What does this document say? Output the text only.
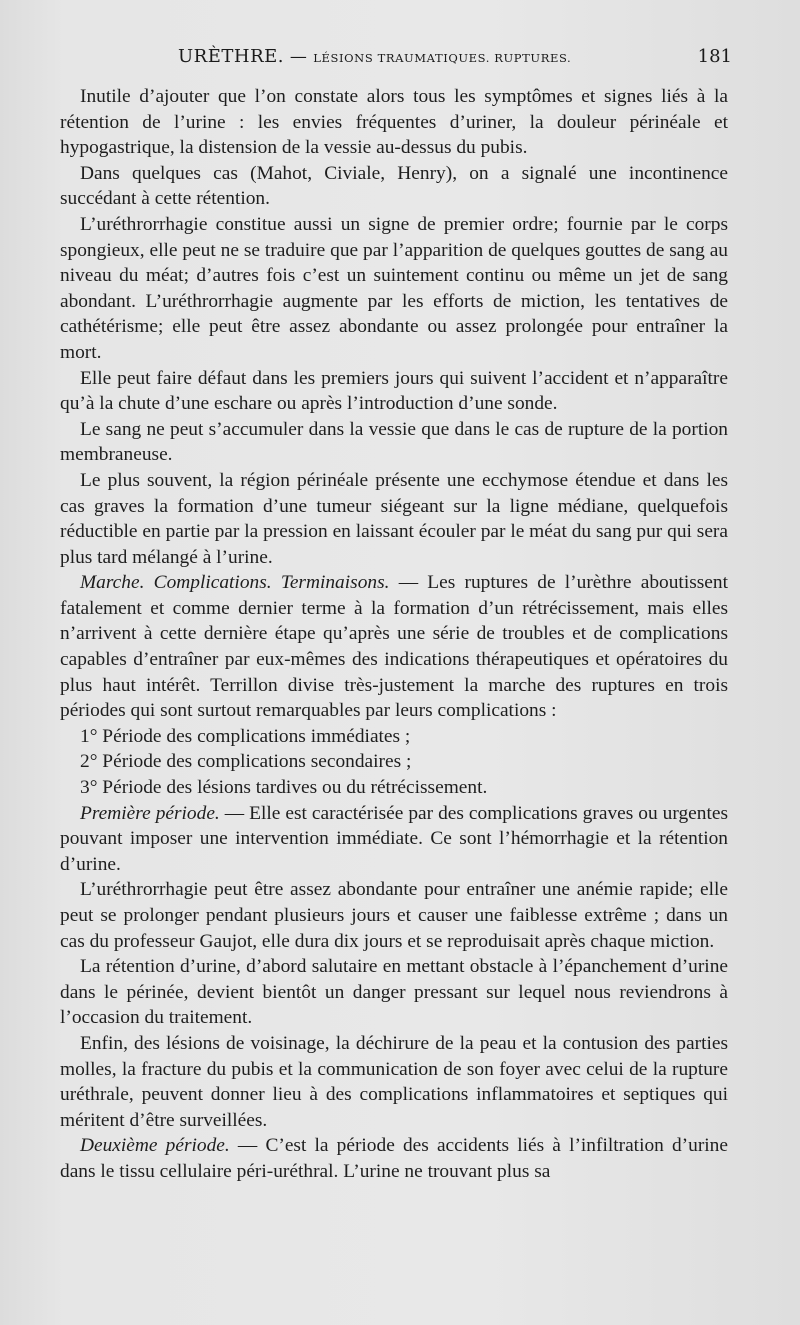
URÈTHRE. — LÉSIONS TRAUMATIQUES. RUPTURES.	181

Inutile d’ajouter que l’on constate alors tous les symptômes et signes liés à la rétention de l’urine : les envies fréquentes d’uriner, la douleur périnéale et hypogastrique, la distension de la vessie au-dessus du pubis.

Dans quelques cas (Mahot, Civiale, Henry), on a signalé une incontinence succédant à cette rétention.

L’uréthrorrhagie constitue aussi un signe de premier ordre; fournie par le corps spongieux, elle peut ne se traduire que par l’apparition de quelques gouttes de sang au niveau du méat; d’autres fois c’est un suintement continu ou même un jet de sang abondant. L’uréthrorrhagie augmente par les efforts de miction, les tentatives de cathétérisme; elle peut être assez abondante ou assez prolongée pour entraîner la mort.

Elle peut faire défaut dans les premiers jours qui suivent l’accident et n’apparaître qu’à la chute d’une eschare ou après l’introduction d’une sonde.

Le sang ne peut s’accumuler dans la vessie que dans le cas de rupture de la portion membraneuse.

Le plus souvent, la région périnéale présente une ecchymose étendue et dans les cas graves la formation d’une tumeur siégeant sur la ligne médiane, quelquefois réductible en partie par la pression en laissant écouler par le méat du sang pur qui sera plus tard mélangé à l’urine.

Marche. Complications. Terminaisons. — Les ruptures de l’urèthre aboutissent fatalement et comme dernier terme à la formation d’un rétrécissement, mais elles n’arrivent à cette dernière étape qu’après une série de troubles et de complications capables d’entraîner par eux-mêmes des indications thérapeutiques et opératoires du plus haut intérêt. Terrillon divise très-justement la marche des ruptures en trois périodes qui sont surtout remarquables par leurs complications :

1° Période des complications immédiates ;

2° Période des complications secondaires ;

3° Période des lésions tardives ou du rétrécissement.

Première période. — Elle est caractérisée par des complications graves ou urgentes pouvant imposer une intervention immédiate. Ce sont l’hémorrhagie et la rétention d’urine.

L’uréthrorrhagie peut être assez abondante pour entraîner une anémie rapide; elle peut se prolonger pendant plusieurs jours et causer une faiblesse extrême ; dans un cas du professeur Gaujot, elle dura dix jours et se reproduisait après chaque miction.

La rétention d’urine, d’abord salutaire en mettant obstacle à l’épanchement d’urine dans le périnée, devient bientôt un danger pressant sur lequel nous reviendrons à l’occasion du traitement.

Enfin, des lésions de voisinage, la déchirure de la peau et la contusion des parties molles, la fracture du pubis et la communication de son foyer avec celui de la rupture uréthrale, peuvent donner lieu à des complications inflammatoires et septiques qui méritent d’être surveillées.

Deuxième période. — C’est la période des accidents liés à l’infiltration d’urine dans le tissu cellulaire péri-uréthral. L’urine ne trouvant plus sa
